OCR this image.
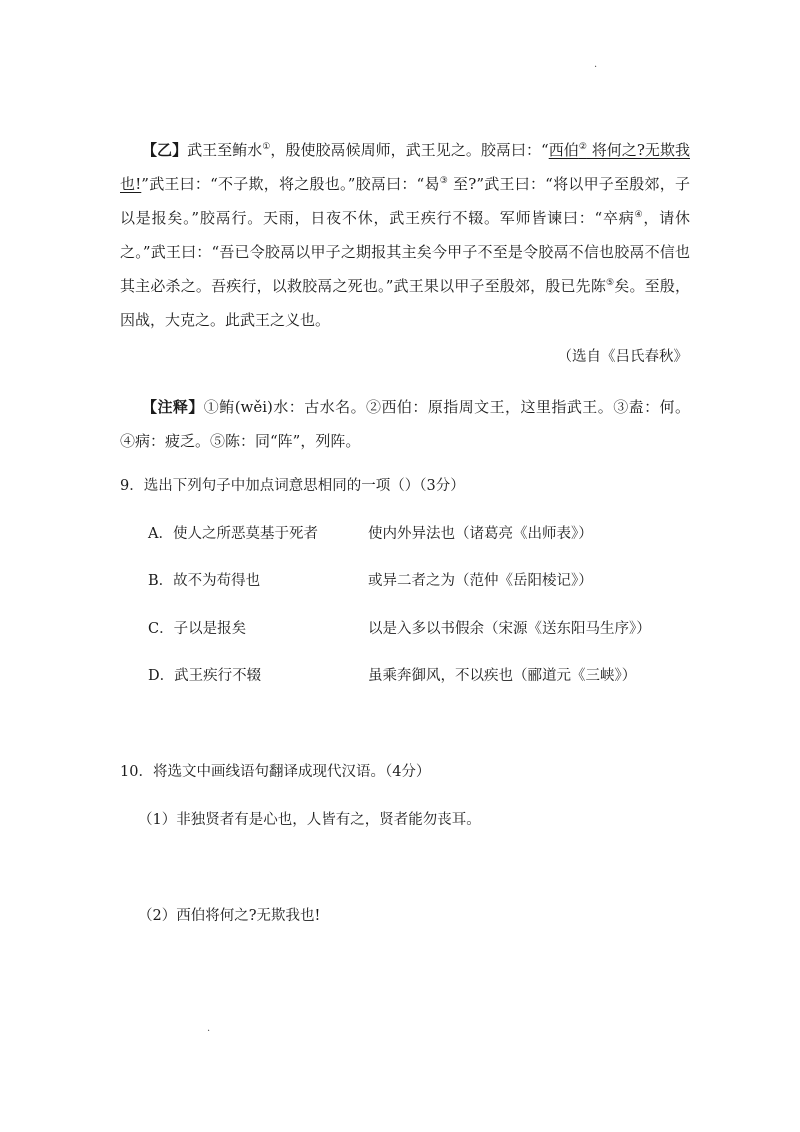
·
【乙】武王至鲔水①，殷使胶鬲候周师，武王见之。胶鬲曰：“西伯② 将何之?无欺我也!”武王曰：“不子欺，将之殷也。”胶鬲曰：“曷③ 至?”武王曰：“将以甲子至殷郊，子以是报矣。”胶鬲行。天雨，日夜不休，武王疾行不辍。军师皆谏曰：“卒病④，请休之。”武王曰：“吾已令胶鬲以甲子之期报其主矣今甲子不至是令胶鬲不信也胶鬲不信也其主必杀之。吾疾行，以救胶鬲之死也。”武王果以甲子至殷郊，殷已先陈⑤矣。至殷，因战，大克之。此武王之义也。
（选自《吕氏春秋》
【注释】①鲔(wěi)水：古水名。②西伯：原指周文王，这里指武王。③盍：何。④病：疲乏。⑤陈：同“阵”，列阵。
9．选出下列句子中加点词意思相同的一项（）（3分）
A．使人之所恶莫基于死者	使内外异法也（诸葛亮《出师表》）
B．故不为苟得也	或异二者之为（范仲《岳阳棱记》）
C．子以是报矣	以是入多以书假余（宋源《送东阳马生序》）
D．武王疾行不辍	虽乘奔御风，不以疾也（郦道元《三峡》）
10．将选文中画线语句翻译成现代汉语。（4分）
（1）非独贤者有是心也，人皆有之，贤者能勿丧耳。
（2）西伯将何之?无欺我也!
·
